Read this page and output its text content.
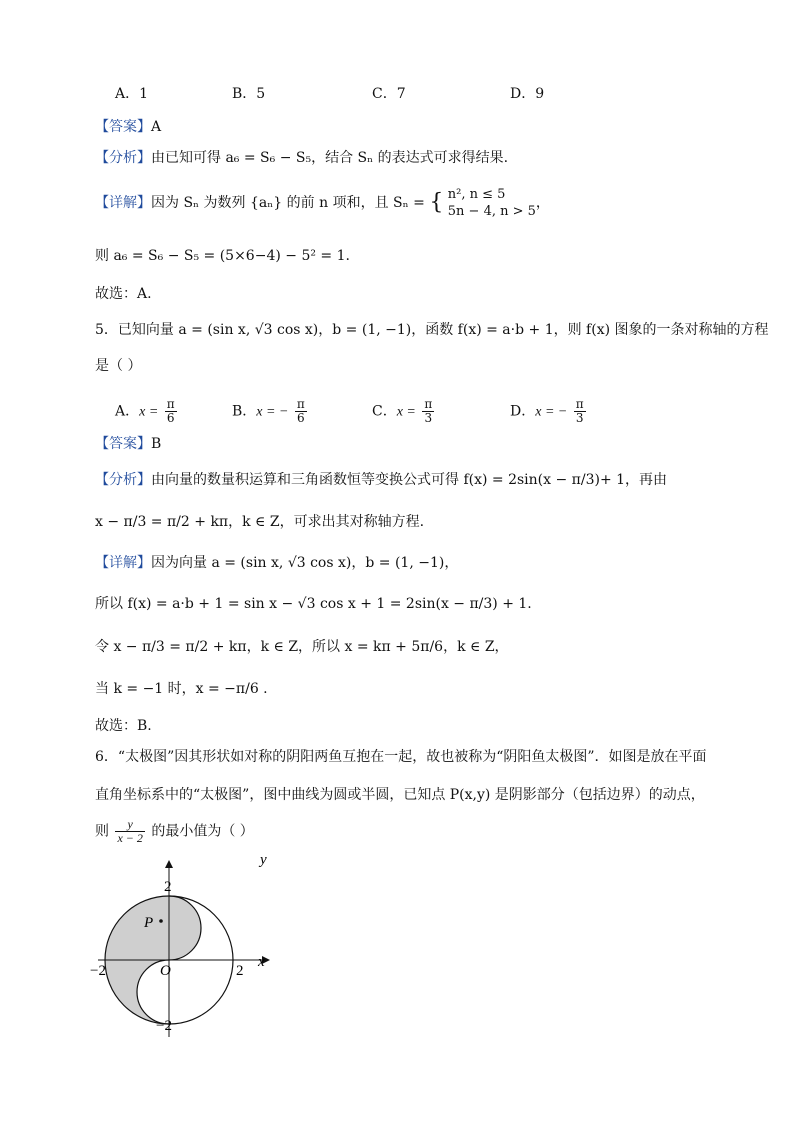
A．1	B．5	C．7	D．9
【答案】A
【分析】由已知可得 a₆ = S₆ − S₅，结合 Sₙ 的表达式可求得结果.
【详解】因为 Sₙ 为数列 {aₙ} 的前 n 项和，且 Sₙ = { n², n ≤ 5
5n − 4, n > 5
，
则 a₆ = S₆ − S₅ = (5×6−4) − 5² = 1.
故选：A.
5．已知向量 a = (sin x, √3 cos x)，b = (1, −1)，函数 f(x) = a·b + 1，则 f(x) 图象的一条对称轴的方程
是（ ）
A．$x = \frac{\pi}{6}$	B．x = − $\frac{\pi}{6}$	C．$x = \frac{\pi}{3}$	D．x = − $\frac{\pi}{3}$
【答案】B
【分析】由向量的数量积运算和三角函数恒等变换公式可得 f(x) = 2sin(x − π/3)+ 1，再由
x − π/3 = π/2 + kπ，k ∈ Z，可求出其对称轴方程.
【详解】因为向量 a = (sin x, √3 cos x)，b = (1, −1)，
所以 f(x) = a·b + 1 = sin x − √3 cos x + 1 = 2sin(x − π/3) + 1.
令 x − π/3 = π/2 + kπ，k ∈ Z，所以 x = kπ + 5π/6，k ∈ Z，
当 k = −1 时，x = −π/6 .
故选：B.
6．“太极图”因其形状如对称的阴阳两鱼互抱在一起，故也被称为“阴阳鱼太极图”．如图是放在平面
直角坐标系中的“太极图”，图中曲线为圆或半圆，已知点 P(x,y) 是阴影部分（包括边界）的动点，
则 $\frac{y}{x - 2}$ 的最小值为（ ）
P
y
x
O	2
−2
2
−2
